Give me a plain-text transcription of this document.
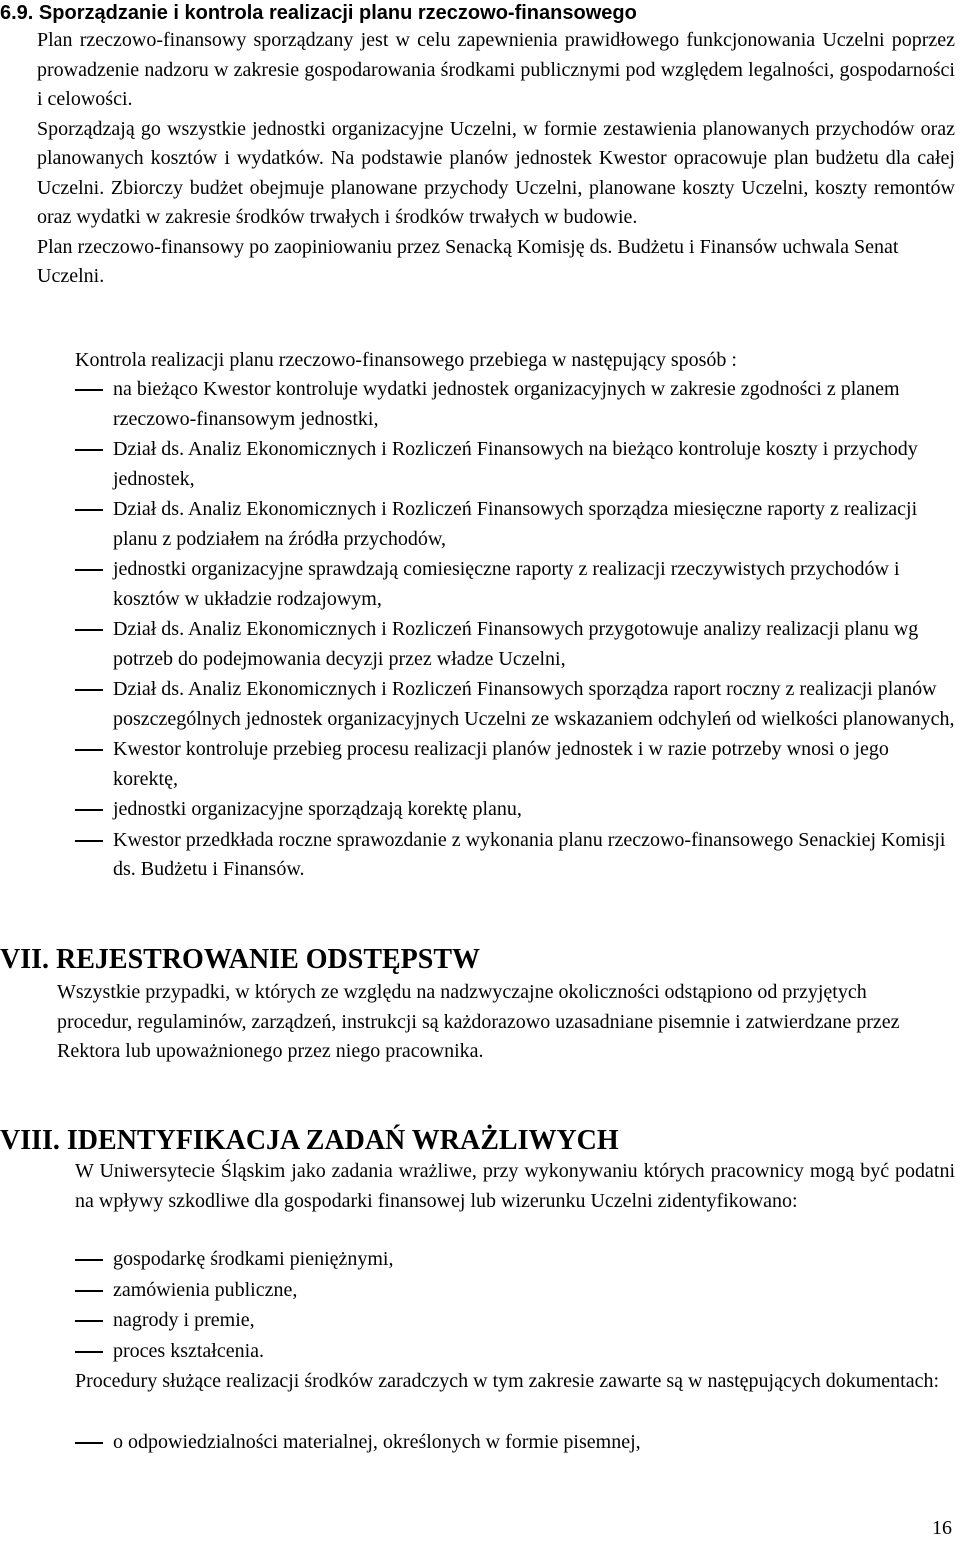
6.9. Sporządzanie i kontrola realizacji planu rzeczowo-finansowego

Plan rzeczowo-finansowy sporządzany jest w celu zapewnienia prawidłowego funkcjonowania Uczelni poprzez prowadzenie nadzoru w zakresie gospodarowania środkami publicznymi pod względem legalności, gospodarności i celowości.

Sporządzają go wszystkie jednostki organizacyjne Uczelni, w formie zestawienia planowanych przychodów oraz planowanych kosztów i wydatków. Na podstawie planów jednostek Kwestor opracowuje plan budżetu dla całej Uczelni. Zbiorczy budżet obejmuje planowane przychody Uczelni, planowane koszty Uczelni, koszty remontów oraz wydatki w zakresie środków trwałych i środków trwałych w budowie.

Plan rzeczowo-finansowy po zaopiniowaniu przez Senacką Komisję ds. Budżetu i Finansów uchwala Senat Uczelni.

Kontrola realizacji planu rzeczowo-finansowego przebiega w następujący sposób :
na bieżąco Kwestor kontroluje wydatki jednostek organizacyjnych w zakresie zgodności z planem rzeczowo-finansowym jednostki,
Dział ds. Analiz Ekonomicznych i Rozliczeń Finansowych na bieżąco kontroluje koszty i przychody jednostek,
Dział ds. Analiz Ekonomicznych i Rozliczeń Finansowych sporządza miesięczne raporty z realizacji planu z podziałem na źródła przychodów,
jednostki organizacyjne sprawdzają comiesięczne raporty z realizacji rzeczywistych przychodów i kosztów w układzie rodzajowym,
Dział ds. Analiz Ekonomicznych i Rozliczeń Finansowych przygotowuje analizy realizacji planu wg potrzeb do podejmowania decyzji przez władze Uczelni,
Dział ds. Analiz Ekonomicznych i Rozliczeń Finansowych sporządza raport roczny z realizacji planów poszczególnych jednostek organizacyjnych Uczelni ze wskazaniem odchyleń od wielkości planowanych,
Kwestor kontroluje przebieg procesu realizacji planów jednostek i w razie potrzeby wnosi o jego korektę,
jednostki organizacyjne sporządzają korektę planu,
Kwestor przedkłada roczne sprawozdanie z wykonania planu rzeczowo-finansowego Senackiej Komisji ds. Budżetu i Finansów.
VII. REJESTROWANIE ODSTĘPSTW

Wszystkie przypadki, w których ze względu na nadzwyczajne okoliczności odstąpiono od przyjętych procedur, regulaminów, zarządzeń, instrukcji są każdorazowo uzasadniane pisemnie i zatwierdzane przez Rektora lub upoważnionego przez niego pracownika.

VIII. IDENTYFIKACJA ZADAŃ WRAŻLIWYCH

W Uniwersytecie Śląskim jako zadania wrażliwe, przy wykonywaniu których pracownicy mogą być podatni na wpływy szkodliwe dla gospodarki finansowej lub wizerunku Uczelni zidentyfikowano:

gospodarkę środkami pieniężnymi,
zamówienia publiczne,
nagrody i premie,
proces kształcenia.

Procedury służące realizacji środków zaradczych w tym zakresie zawarte są w następujących dokumentach:

o odpowiedzialności materialnej, określonych w formie pisemnej,
16
